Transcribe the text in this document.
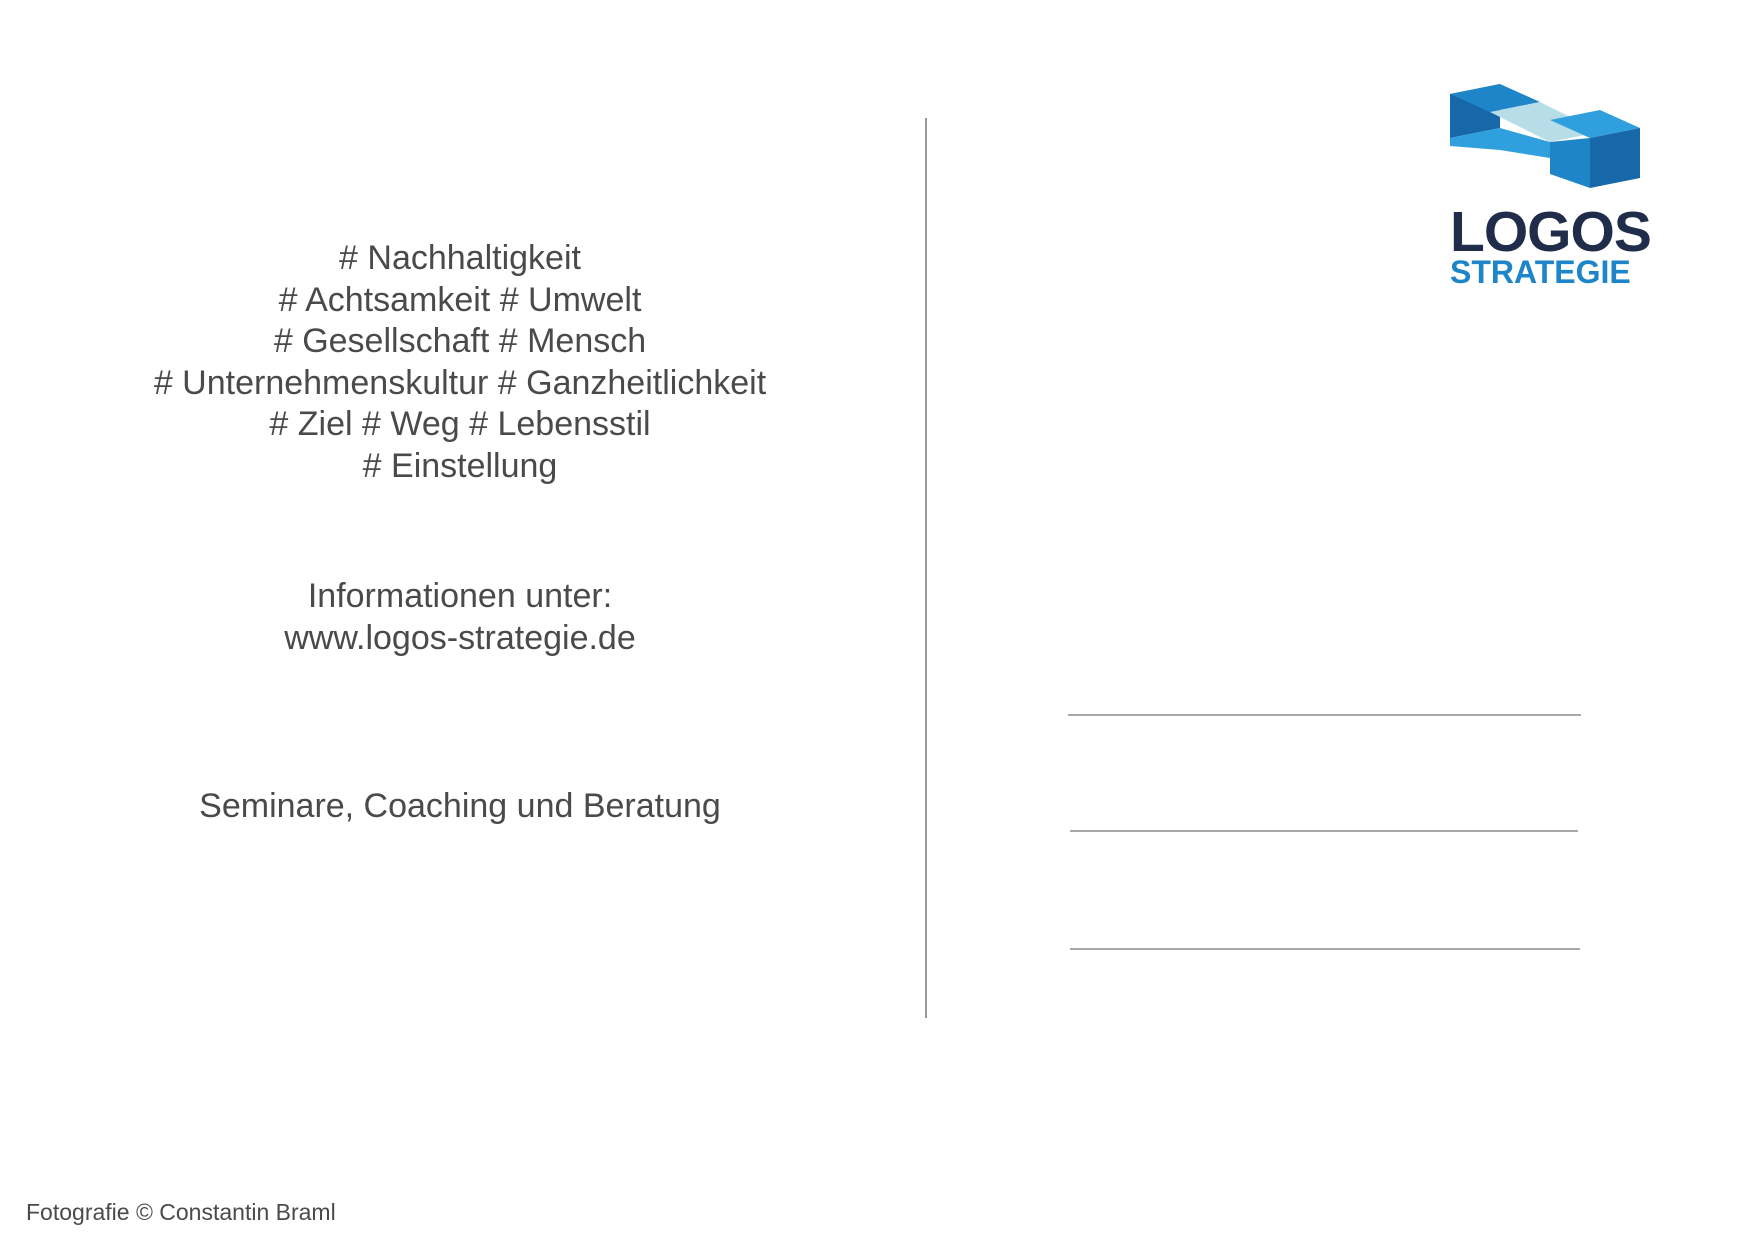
# Nachhaltigkeit
# Achtsamkeit # Umwelt
# Gesellschaft # Mensch
# Unternehmenskultur # Ganzheitlichkeit
# Ziel # Weg # Lebensstil
# Einstellung
Informationen unter:
www.logos-strategie.de
Seminare, Coaching und Beratung
LOGOS
STRATEGIE
Fotografie © Constantin Braml
